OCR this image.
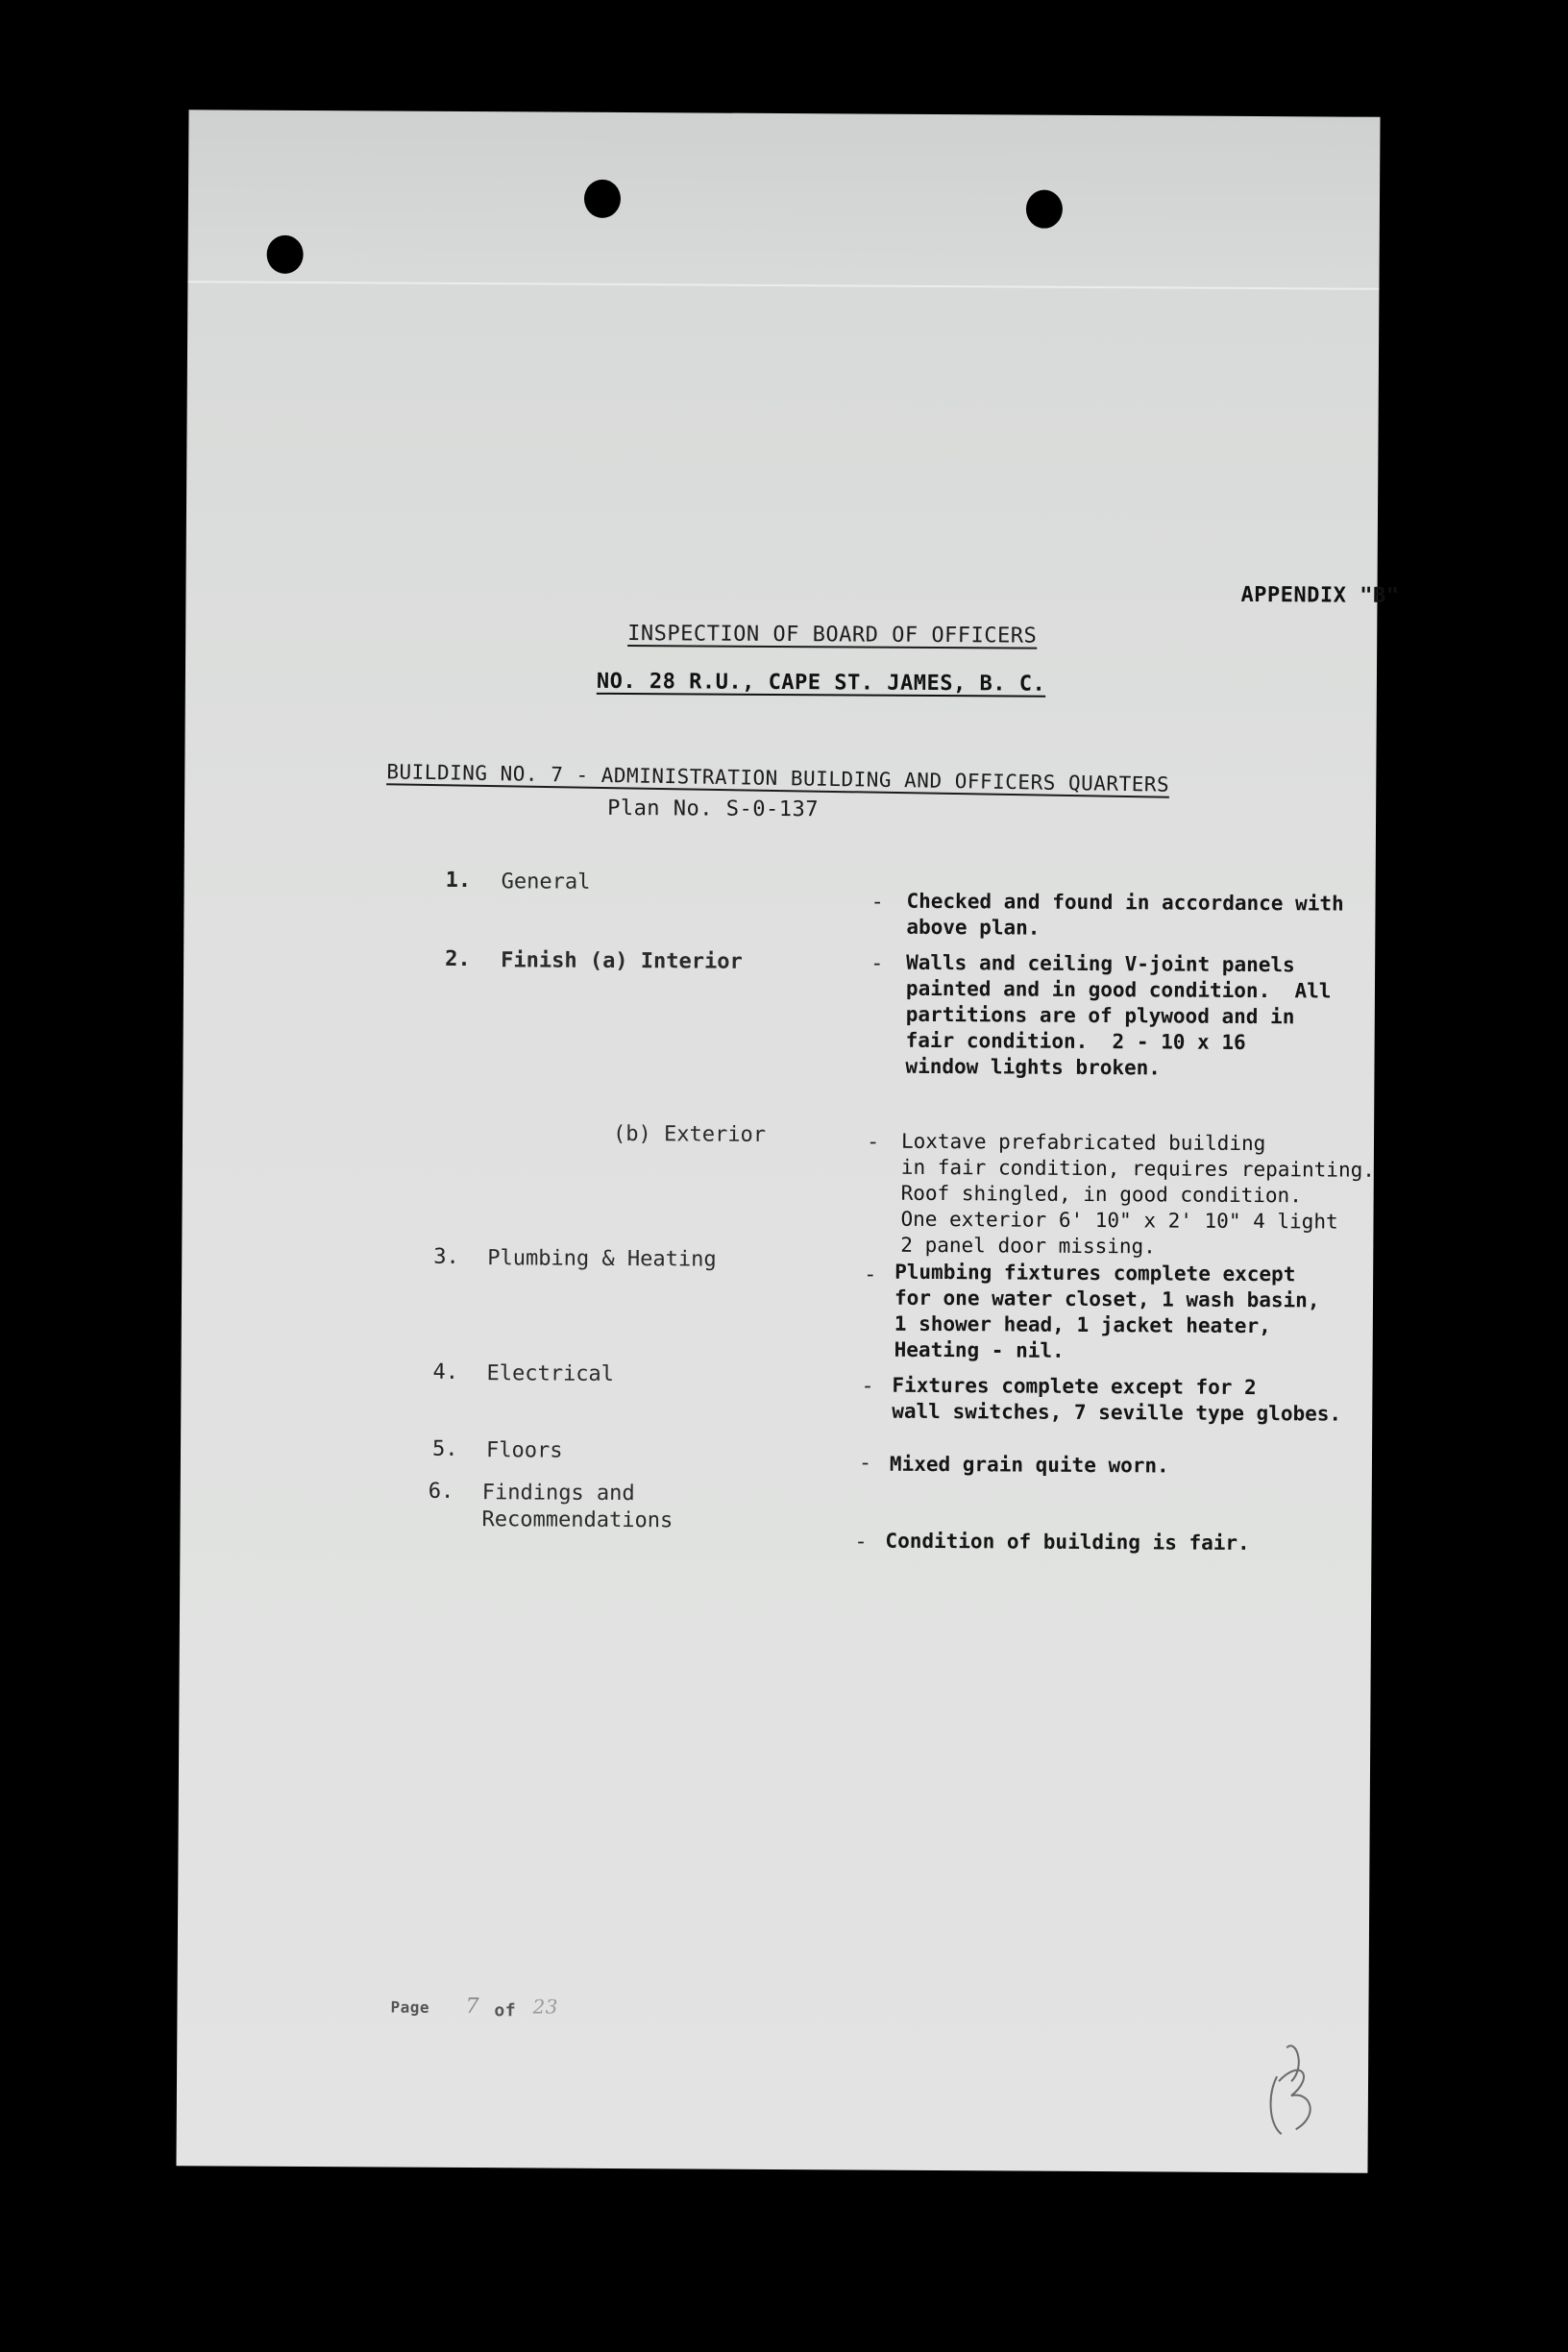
APPENDIX "B"
INSPECTION OF BOARD OF OFFICERS
NO. 28 R.U., CAPE ST. JAMES, B. C.
BUILDING NO. 7 - ADMINISTRATION BUILDING AND OFFICERS QUARTERS
Plan No. S-0-137
1. General
- Checked and found in accordance with
above plan.
2. Finish (a) Interior	- Walls and ceiling V-joint panels
painted and in good condition.  All
partitions are of plywood and in
fair condition.  2 - 10 x 16
window lights broken.
(b) Exterior	- Loxtave prefabricated building
in fair condition, requires repainting.
Roof shingled, in good condition.
One exterior 6' 10" x 2' 10" 4 light
2 panel door missing.
3. Plumbing & Heating
- Plumbing fixtures complete except
for one water closet, 1 wash basin,
1 shower head, 1 jacket heater,
Heating - nil.
4. Electrical
- Fixtures complete except for 2
wall switches, 7 seville type globes.
5. Floors
- Mixed grain quite worn.
6. Findings and
Recommendations
- Condition of building is fair.
Page 7 of 23
